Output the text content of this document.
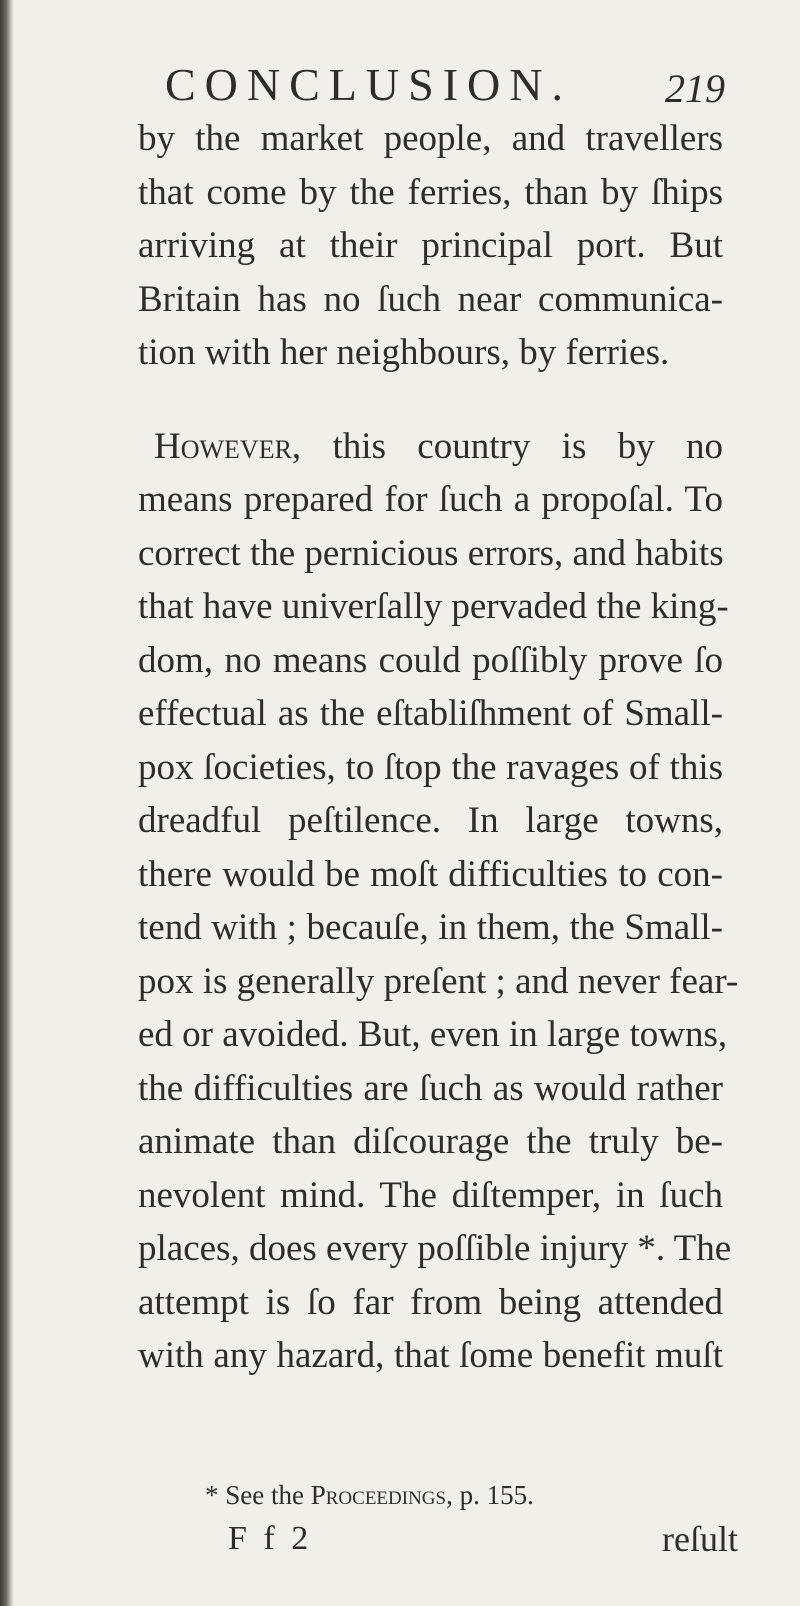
CONCLUSION. 219
by the market people, and travellers
that come by the ferries, than by ſhips
arriving at their principal port. But
Britain has no ſuch near communica-
tion with her neighbours, by ferries.
However, this country is by no
means prepared for ſuch a propoſal. To
correct the pernicious errors, and habits
that have univerſally pervaded the king-
dom, no means could poſſibly prove ſo
effectual as the eſtabliſhment of Small-
pox ſocieties, to ſtop the ravages of this
dreadful peſtilence. In large towns,
there would be moſt difficulties to con-
tend with ; becauſe, in them, the Small-
pox is generally preſent ; and never fear-
ed or avoided. But, even in large towns,
the difficulties are ſuch as would rather
animate than diſcourage the truly be-
nevolent mind. The diſtemper, in ſuch
places, does every poſſible injury *. The
attempt is ſo far from being attended
with any hazard, that ſome benefit muſt
* See the Proceedings, p. 155.
F f 2	reſult
